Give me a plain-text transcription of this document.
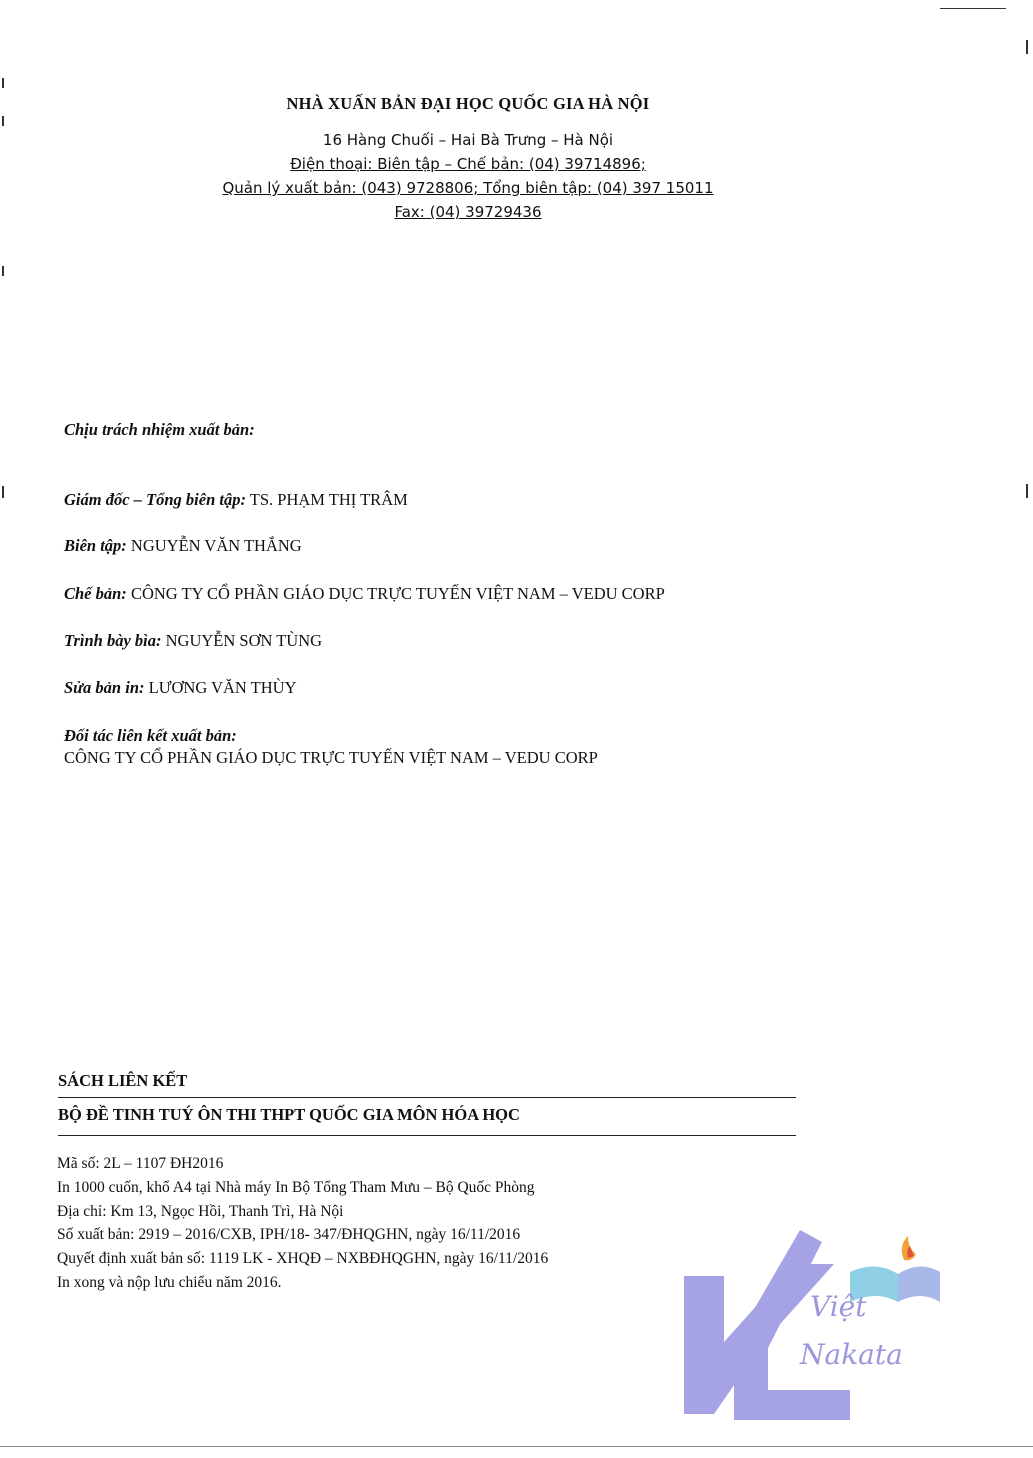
NHÀ XUẤN BẢN ĐẠI HỌC QUỐC GIA HÀ NỘI
16 Hàng Chuối – Hai Bà Trưng – Hà Nội
Điện thoại: Biên tập – Chế bản: (04) 39714896;
Quản lý xuất bản: (043) 9728806; Tổng biên tập: (04) 397 15011
Fax: (04) 39729436
Chịu trách nhiệm xuất bản:
Giám đốc – Tổng biên tập: TS. PHẠM THỊ TRÂM
Biên tập: NGUYỄN VĂN THẮNG
Chế bản: CÔNG TY CỔ PHẦN GIÁO DỤC TRỰC TUYẾN VIỆT NAM – VEDU CORP
Trình bày bìa: NGUYỄN SƠN TÙNG
Sửa bản in: LƯƠNG VĂN THÙY
Đối tác liên kết xuất bản:
CÔNG TY CỔ PHẦN GIÁO DỤC TRỰC TUYẾN VIỆT NAM – VEDU CORP
SÁCH LIÊN KẾT
BỘ ĐỀ TINH TUÝ ÔN THI THPT QUỐC GIA MÔN HÓA HỌC
Mã số: 2L – 1107 ĐH2016
In 1000 cuốn, khổ A4 tại Nhà máy In Bộ Tổng Tham Mưu – Bộ Quốc Phòng
Địa chỉ: Km 13, Ngọc Hồi, Thanh Trì, Hà Nội
Số xuất bản: 2919 – 2016/CXB, IPH/18- 347/ĐHQGHN, ngày 16/11/2016
Quyết định xuất bản số: 1119 LK - XHQĐ – NXBĐHQGHN, ngày 16/11/2016
In xong và nộp lưu chiểu năm 2016.
Việt
Nakata
